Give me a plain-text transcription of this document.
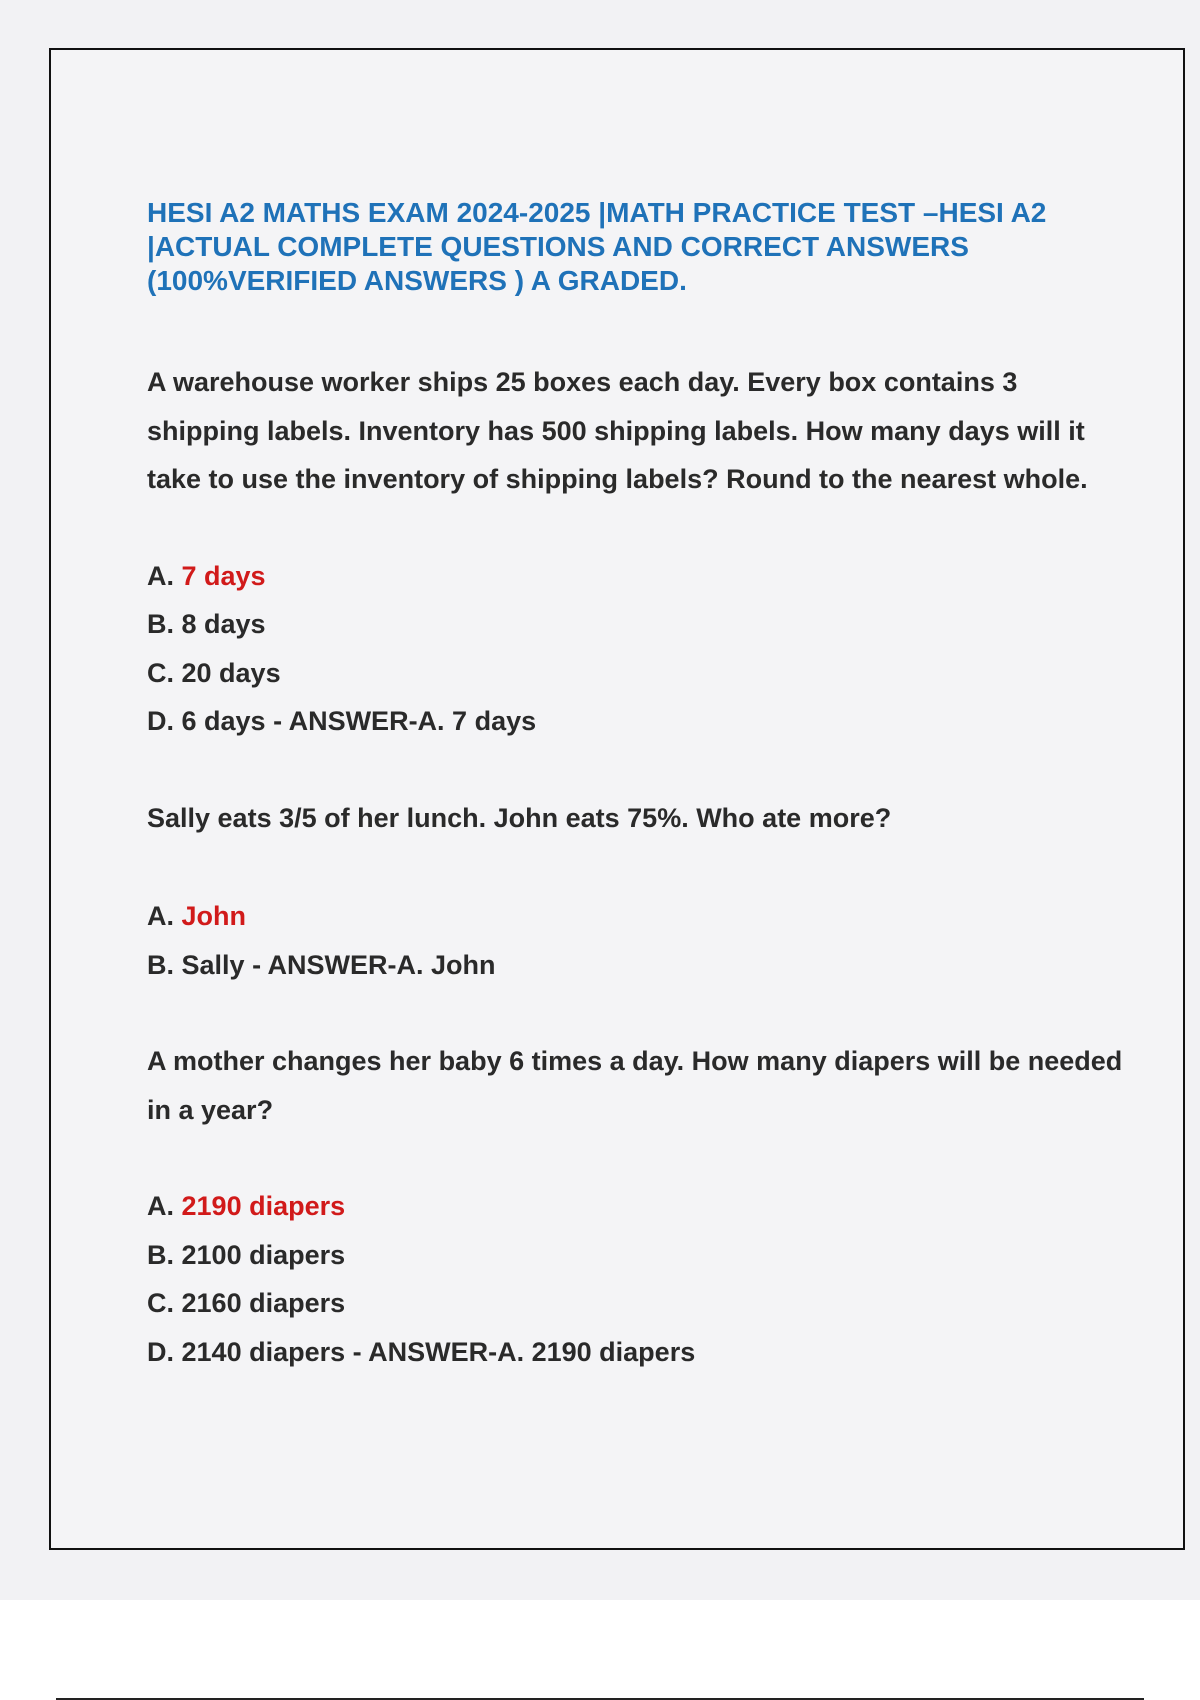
HESI A2 MATHS EXAM 2024-2025 |MATH PRACTICE TEST –HESI A2 |ACTUAL COMPLETE QUESTIONS AND CORRECT ANSWERS (100%VERIFIED ANSWERS ) A GRADED.

A warehouse worker ships 25 boxes each day. Every box contains 3 shipping labels. Inventory has 500 shipping labels. How many days will it take to use the inventory of shipping labels? Round to the nearest whole.

A. 7 days
B. 8 days
C. 20 days
D. 6 days - ANSWER-A. 7 days

Sally eats 3/5 of her lunch. John eats 75%. Who ate more?

A. John
B. Sally - ANSWER-A. John

A mother changes her baby 6 times a day. How many diapers will be needed in a year?

A. 2190 diapers
B. 2100 diapers
C. 2160 diapers
D. 2140 diapers - ANSWER-A. 2190 diapers
